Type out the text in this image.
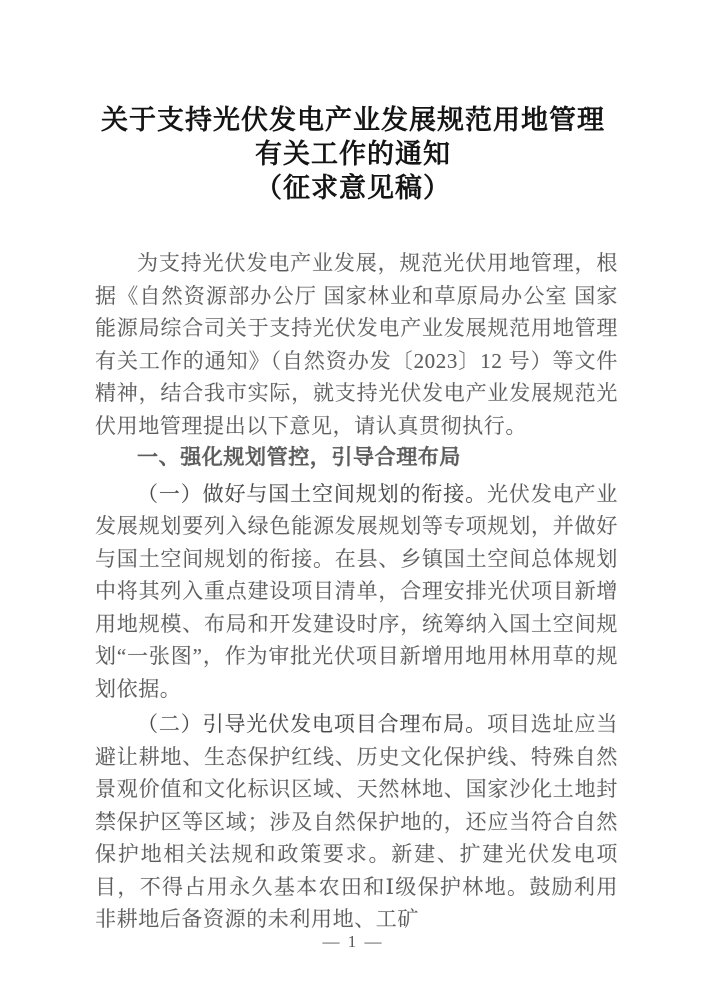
关于支持光伏发电产业发展规范用地管理
有关工作的通知
（征求意见稿）

为支持光伏发电产业发展，规范光伏用地管理，根据《自然资源部办公厅 国家林业和草原局办公室 国家能源局综合司关于支持光伏发电产业发展规范用地管理有关工作的通知》（自然资办发〔2023〕12 号）等文件精神，结合我市实际，就支持光伏发电产业发展规范光伏用地管理提出以下意见，请认真贯彻执行。

一、强化规划管控，引导合理布局

（一）做好与国土空间规划的衔接。光伏发电产业发展规划要列入绿色能源发展规划等专项规划，并做好与国土空间规划的衔接。在县、乡镇国土空间总体规划中将其列入重点建设项目清单，合理安排光伏项目新增用地规模、布局和开发建设时序，统筹纳入国土空间规划“一张图”，作为审批光伏项目新增用地用林用草的规划依据。

（二）引导光伏发电项目合理布局。项目选址应当避让耕地、生态保护红线、历史文化保护线、特殊自然景观价值和文化标识区域、天然林地、国家沙化土地封禁保护区等区域；涉及自然保护地的，还应当符合自然保护地相关法规和政策要求。新建、扩建光伏发电项目，不得占用永久基本农田和Ⅰ级保护林地。鼓励利用非耕地后备资源的未利用地、工矿

— 1 —
